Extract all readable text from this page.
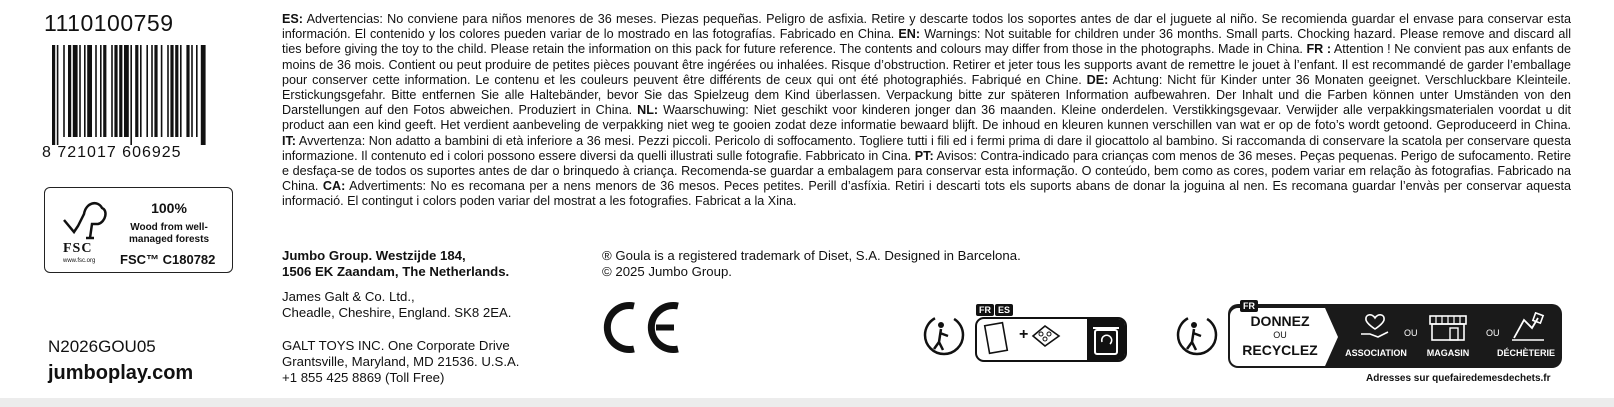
1110100759
8 721017 606925
FSC
www.fsc.org
100%
Wood from well-
managed forests
FSC™ C180782
N2026GOU05
jumboplay.com
ES: Advertencias: No conviene para niños menores de 36 meses. Piezas pequeñas. Peligro de asfixia. Retire y descarte todos los soportes antes de dar el juguete al niño. Se recomienda guardar el envase para conservar esta información. El contenido y los colores pueden variar de lo mostrado en las fotografías. Fabricado en China. EN: Warnings: Not suitable for children under 36 months. Small parts. Chocking hazard. Please remove and discard all ties before giving the toy to the child. Please retain the information on this pack for future reference. The contents and colours may differ from those in the photographs. Made in China. FR : Attention ! Ne convient pas aux enfants de moins de 36 mois. Contient ou peut produire de petites pièces pouvant être ingérées ou inhalées. Risque d’obstruction. Retirer et jeter tous les supports avant de remettre le jouet à l’enfant. Il est recommandé de garder l’emballage pour conserver cette information. Le contenu et les couleurs peuvent être différents de ceux qui ont été photographiés. Fabriqué en Chine. DE: Achtung: Nicht für Kinder unter 36 Monaten geeignet. Verschluckbare Kleinteile. Erstickungsgefahr. Bitte entfernen Sie alle Haltebänder, bevor Sie das Spielzeug dem Kind überlassen. Verpackung bitte zur späteren Information aufbewahren. Der Inhalt und die Farben können unter Umständen von den Darstellungen auf den Fotos abweichen. Produziert in China. NL: Waarschuwing: Niet geschikt voor kinderen jonger dan 36 maanden. Kleine onderdelen. Verstikkingsgevaar. Verwijder alle verpakkingsmaterialen voordat u dit product aan een kind geeft. Het verdient aanbeveling de verpakking niet weg te gooien zodat deze informatie bewaard blijft. De inhoud en kleuren kunnen verschillen van wat er op de foto’s wordt getoond. Geproduceerd in China. IT: Avvertenza: Non adatto a bambini di età inferiore a 36 mesi. Pezzi piccoli. Pericolo di soffocamento. Togliere tutti i fili ed i fermi prima di dare il giocattolo al bambino. Si raccomanda di conservare la scatola per conservare questa informazione. Il contenuto ed i colori possono essere diversi da quelli illustrati sulle fotografie. Fabbricato in Cina. PT: Avisos: Contra-indicado para crianças com menos de 36 meses. Peças pequenas. Perigo de sufocamento. Retire e desfaça-se de todos os suportes antes de dar o brinquedo à criança. Recomenda-se guardar a embalagem para conservar esta informação. O conteúdo, bem como as cores, podem variar em relação às fotografias. Fabricado na China. CA: Advertiments: No es recomana per a nens menors de 36 mesos. Peces petites. Perill d’asfíxia. Retiri i descarti tots els suports abans de donar la joguina al nen. Es recomana guardar l’envàs per conservar aquesta informació. El contingut i colors poden variar del mostrat a les fotografies. Fabricat a la Xina.
Jumbo Group. Westzijde 184,
1506 EK Zaandam, The Netherlands.
James Galt & Co. Ltd.,
Cheadle, Cheshire, England. SK8 2EA.
GALT TOYS INC. One Corporate Drive
Grantsville, Maryland, MD 21536. U.S.A.
+1 855 425 8869 (Toll Free)
® Goula is a registered trademark of Diset, S.A. Designed in Barcelona.
© 2025 Jumbo Group.
FR ES
+
FR
DONNEZ
OU
RECYCLEZ	ASSOCIATION
OU
MAGASIN
OU
DÉCHÈTERIE
Adresses sur quefairedemesdechets.fr
